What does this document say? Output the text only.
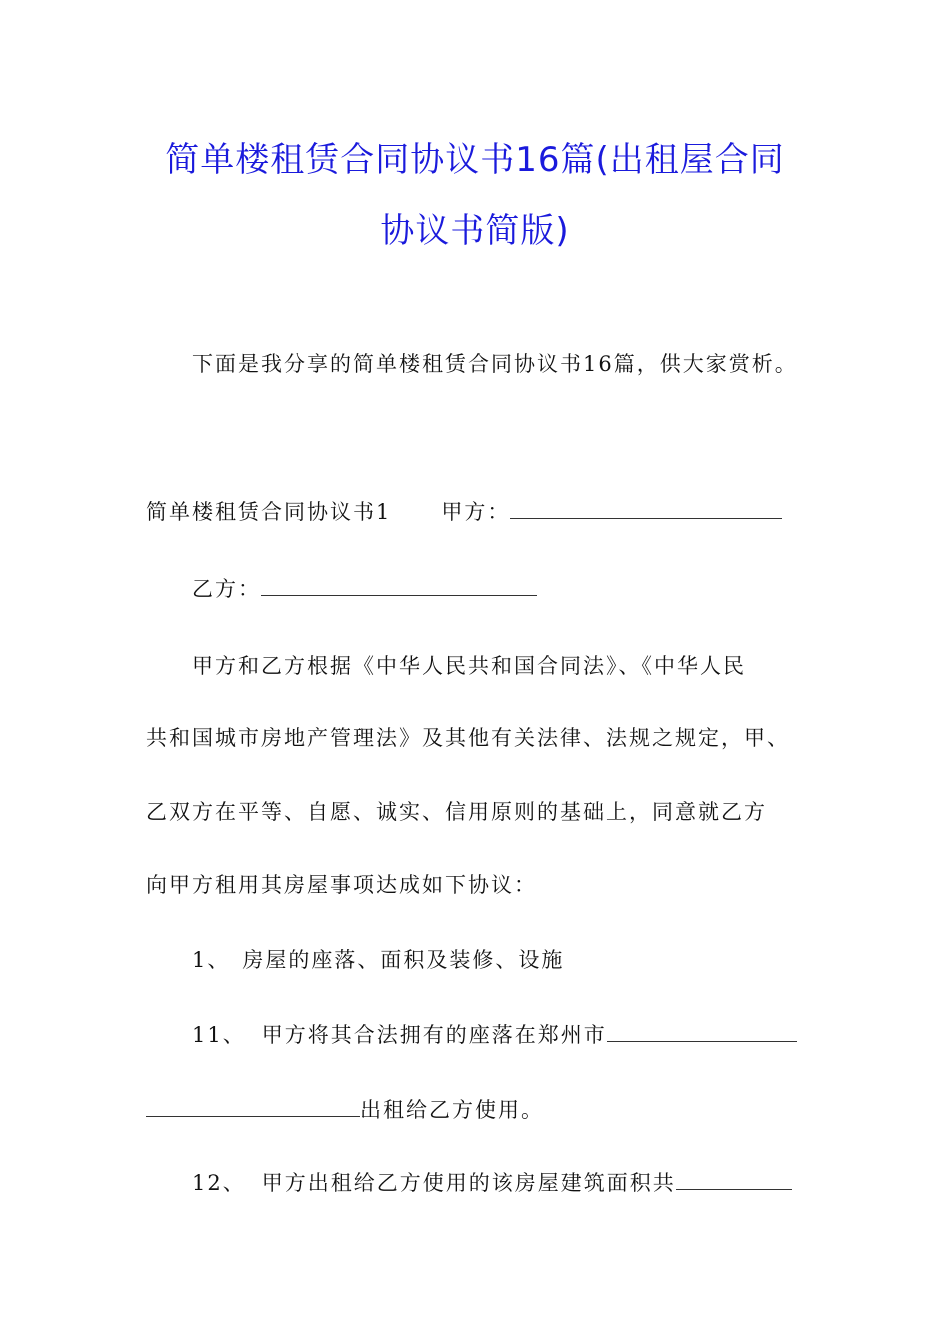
简单楼租赁合同协议书16篇(出租屋合同
协议书简版)
下面是我分享的简单楼租赁合同协议书16篇，供大家赏析。
简单楼租赁合同协议书1 甲方：
乙方：
甲方和乙方根据《中华人民共和国合同法》、《中华人民
共和国城市房地产管理法》及其他有关法律、法规之规定，甲、
乙双方在平等、自愿、诚实、信用原则的基础上，同意就乙方
向甲方租用其房屋事项达成如下协议：
1、 房屋的座落、面积及装修、设施
11、 甲方将其合法拥有的座落在郑州市
出租给乙方使用。
12、 甲方出租给乙方使用的该房屋建筑面积共
